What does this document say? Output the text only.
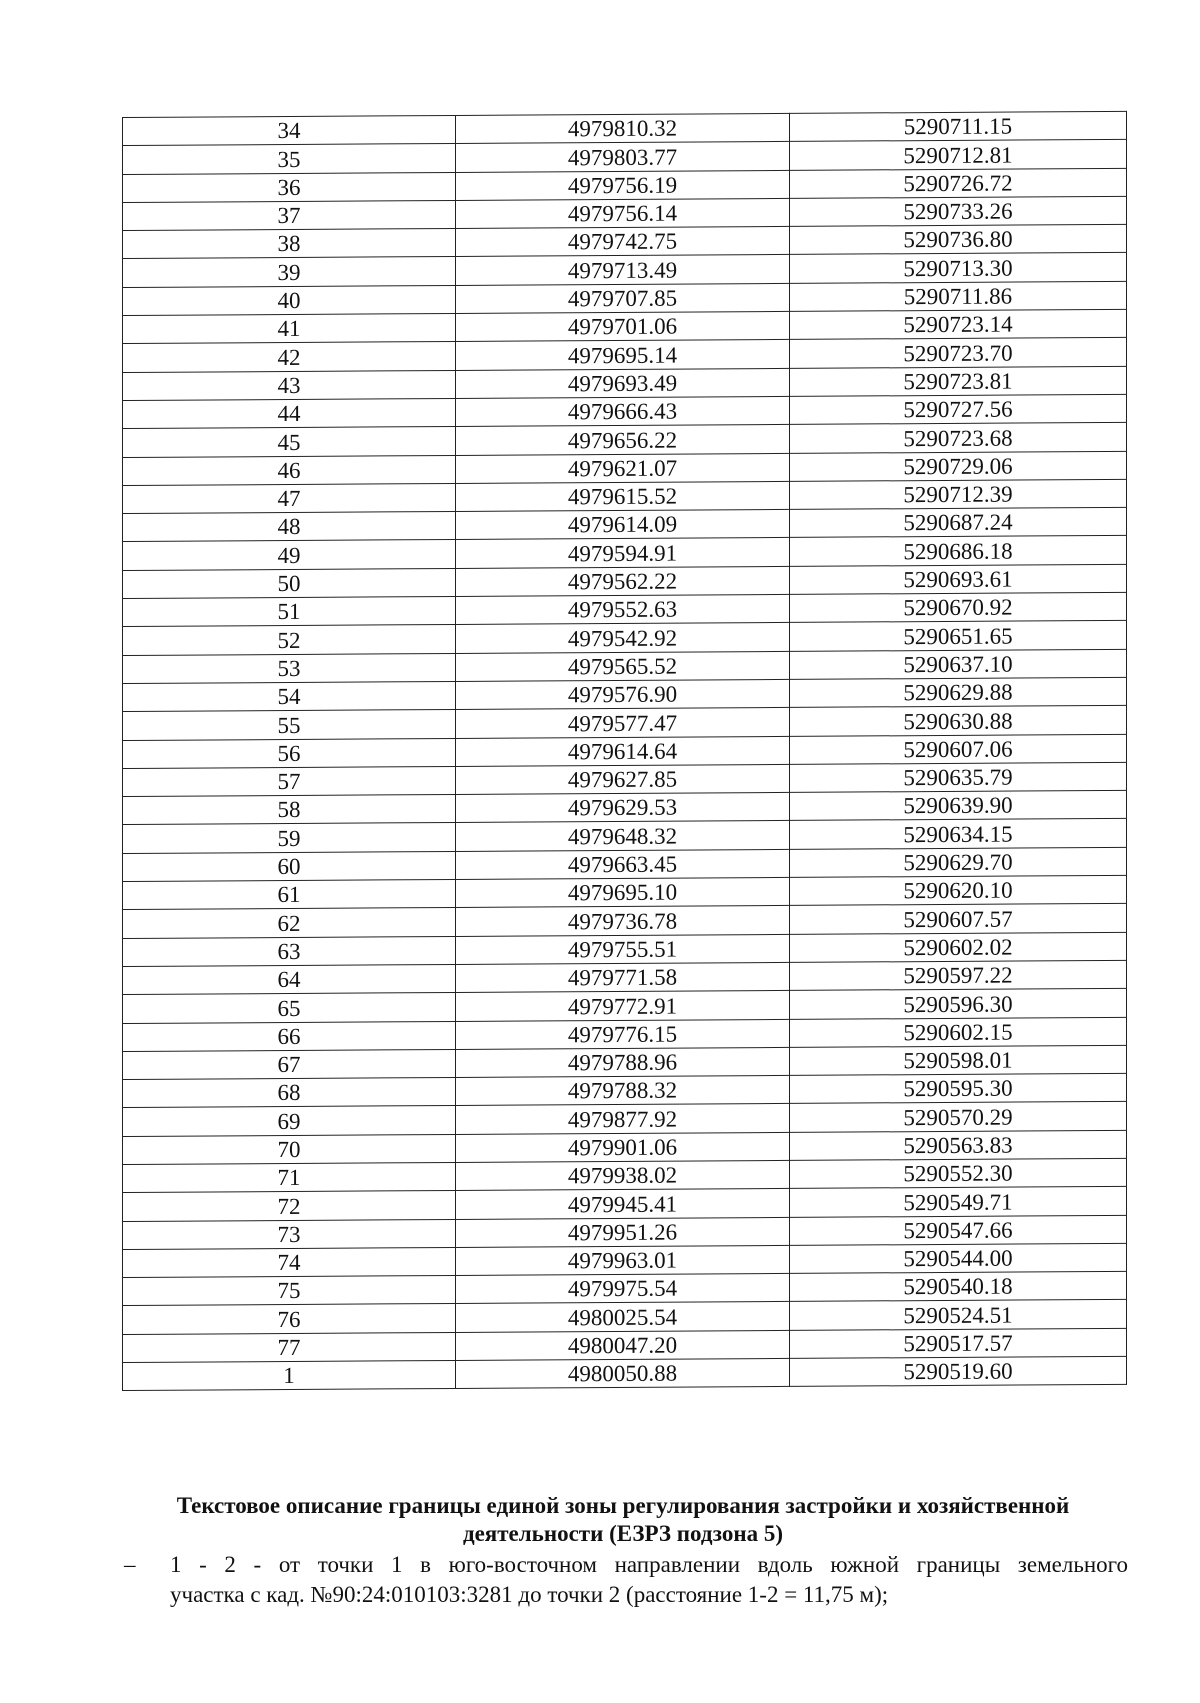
34	4979810.32	5290711.15
35	4979803.77	5290712.81
36	4979756.19	5290726.72
37	4979756.14	5290733.26
38	4979742.75	5290736.80
39	4979713.49	5290713.30
40	4979707.85	5290711.86
41	4979701.06	5290723.14
42	4979695.14	5290723.70
43	4979693.49	5290723.81
44	4979666.43	5290727.56
45	4979656.22	5290723.68
46	4979621.07	5290729.06
47	4979615.52	5290712.39
48	4979614.09	5290687.24
49	4979594.91	5290686.18
50	4979562.22	5290693.61
51	4979552.63	5290670.92
52	4979542.92	5290651.65
53	4979565.52	5290637.10
54	4979576.90	5290629.88
55	4979577.47	5290630.88
56	4979614.64	5290607.06
57	4979627.85	5290635.79
58	4979629.53	5290639.90
59	4979648.32	5290634.15
60	4979663.45	5290629.70
61	4979695.10	5290620.10
62	4979736.78	5290607.57
63	4979755.51	5290602.02
64	4979771.58	5290597.22
65	4979772.91	5290596.30
66	4979776.15	5290602.15
67	4979788.96	5290598.01
68	4979788.32	5290595.30
69	4979877.92	5290570.29
70	4979901.06	5290563.83
71	4979938.02	5290552.30
72	4979945.41	5290549.71
73	4979951.26	5290547.66
74	4979963.01	5290544.00
75	4979975.54	5290540.18
76	4980025.54	5290524.51
77	4980047.20	5290517.57
1	4980050.88	5290519.60

Текстовое описание границы единой зоны регулирования застройки и хозяйственной
деятельности (ЕЗРЗ подзона 5)

– 1 - 2 - от точки 1 в юго-восточном направлении вдоль южной границы земельного
участка с кад. №90:24:010103:3281 до точки 2 (расстояние 1-2 = 11,75 м);
